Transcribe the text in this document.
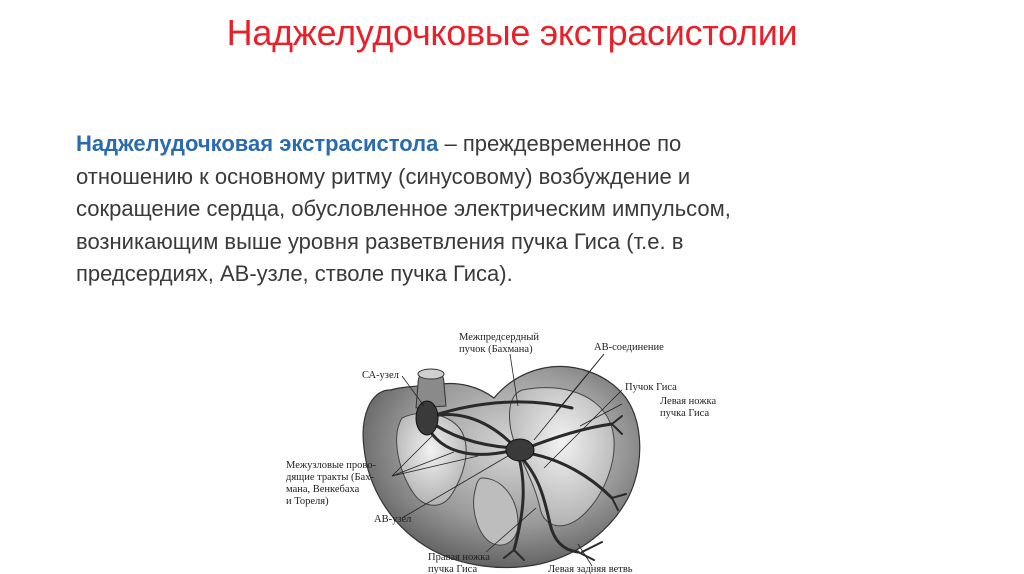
Наджелудочковые экстрасистолии
Наджелудочковая экстрасистола – преждевременное по
отношению к основному ритму (синусовому) возбуждение и
сокращение сердца, обусловленное электрическим импульсом,
возникающим выше уровня разветвления пучка Гиса (т.е. в
предсердиях, АВ-узле, стволе пучка Гиса).
Межпредсердный
пучок (Бахмана)	АВ-соединение
СА-узел
Пучок Гиса
Левая ножка
пучка Гиса
Межузловые прово-
дящие тракты (Бах-
мана, Венкебаха
и Тореля)
АВ-узел
Правая ножка
пучка Гиса	Левая задняя ветвь
